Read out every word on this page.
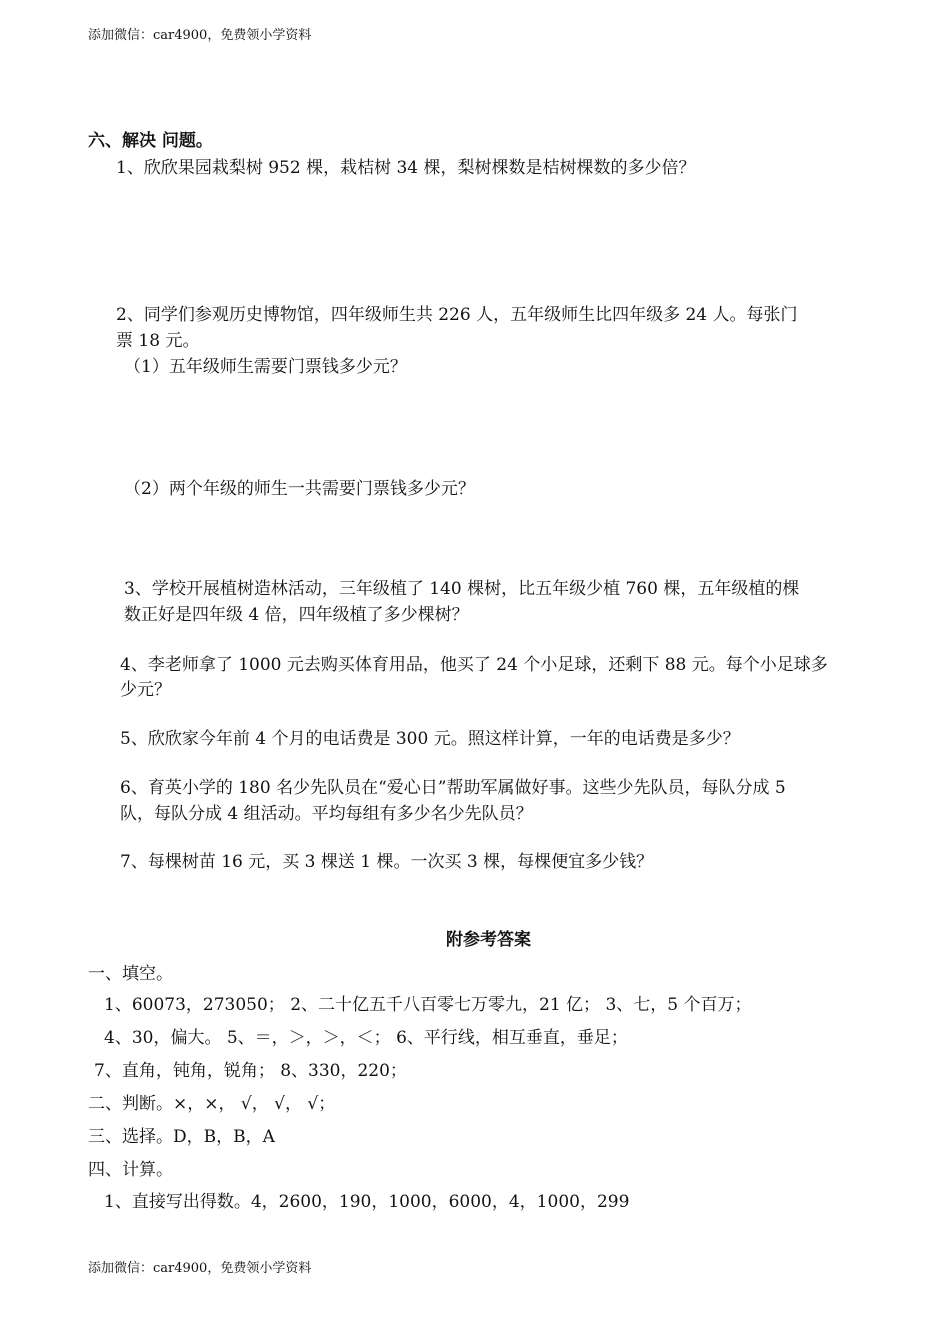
添加微信：car4900，免费领小学资料
六、解决 问题。
1、欣欣果园栽梨树 952 棵，栽桔树 34 棵，梨树棵数是桔树棵数的多少倍？
2、同学们参观历史博物馆，四年级师生共 226 人，五年级师生比四年级多 24 人。每张门
票 18 元。
（1）五年级师生需要门票钱多少元？
（2）两个年级的师生一共需要门票钱多少元？
3、学校开展植树造林活动，三年级植了 140 棵树，比五年级少植 760 棵，五年级植的棵
数正好是四年级 4 倍，四年级植了多少棵树？
4、李老师拿了 1000 元去购买体育用品，他买了 24 个小足球，还剩下 88 元。每个小足球多
少元？
5、欣欣家今年前 4 个月的电话费是 300 元。照这样计算，一年的电话费是多少？
6、育英小学的 180 名少先队员在“爱心日”帮助军属做好事。这些少先队员，每队分成 5
队，每队分成 4 组活动。平均每组有多少名少先队员？
7、每棵树苗 16 元，买 3 棵送 1 棵。一次买 3 棵，每棵便宜多少钱？
附参考答案
一、填空。
1、60073，273050； 2、二十亿五千八百零七万零九，21 亿； 3、七，5 个百万；
4、30，偏大。 5、＝，＞，＞，＜； 6、平行线，相互垂直，垂足；
7、直角，钝角，锐角； 8、330，220；
二、判断。×，×， √， √， √；
三、选择。D，B，B，A
四、计算。
1、直接写出得数。4，2600，190，1000，6000，4，1000，299
添加微信：car4900，免费领小学资料
